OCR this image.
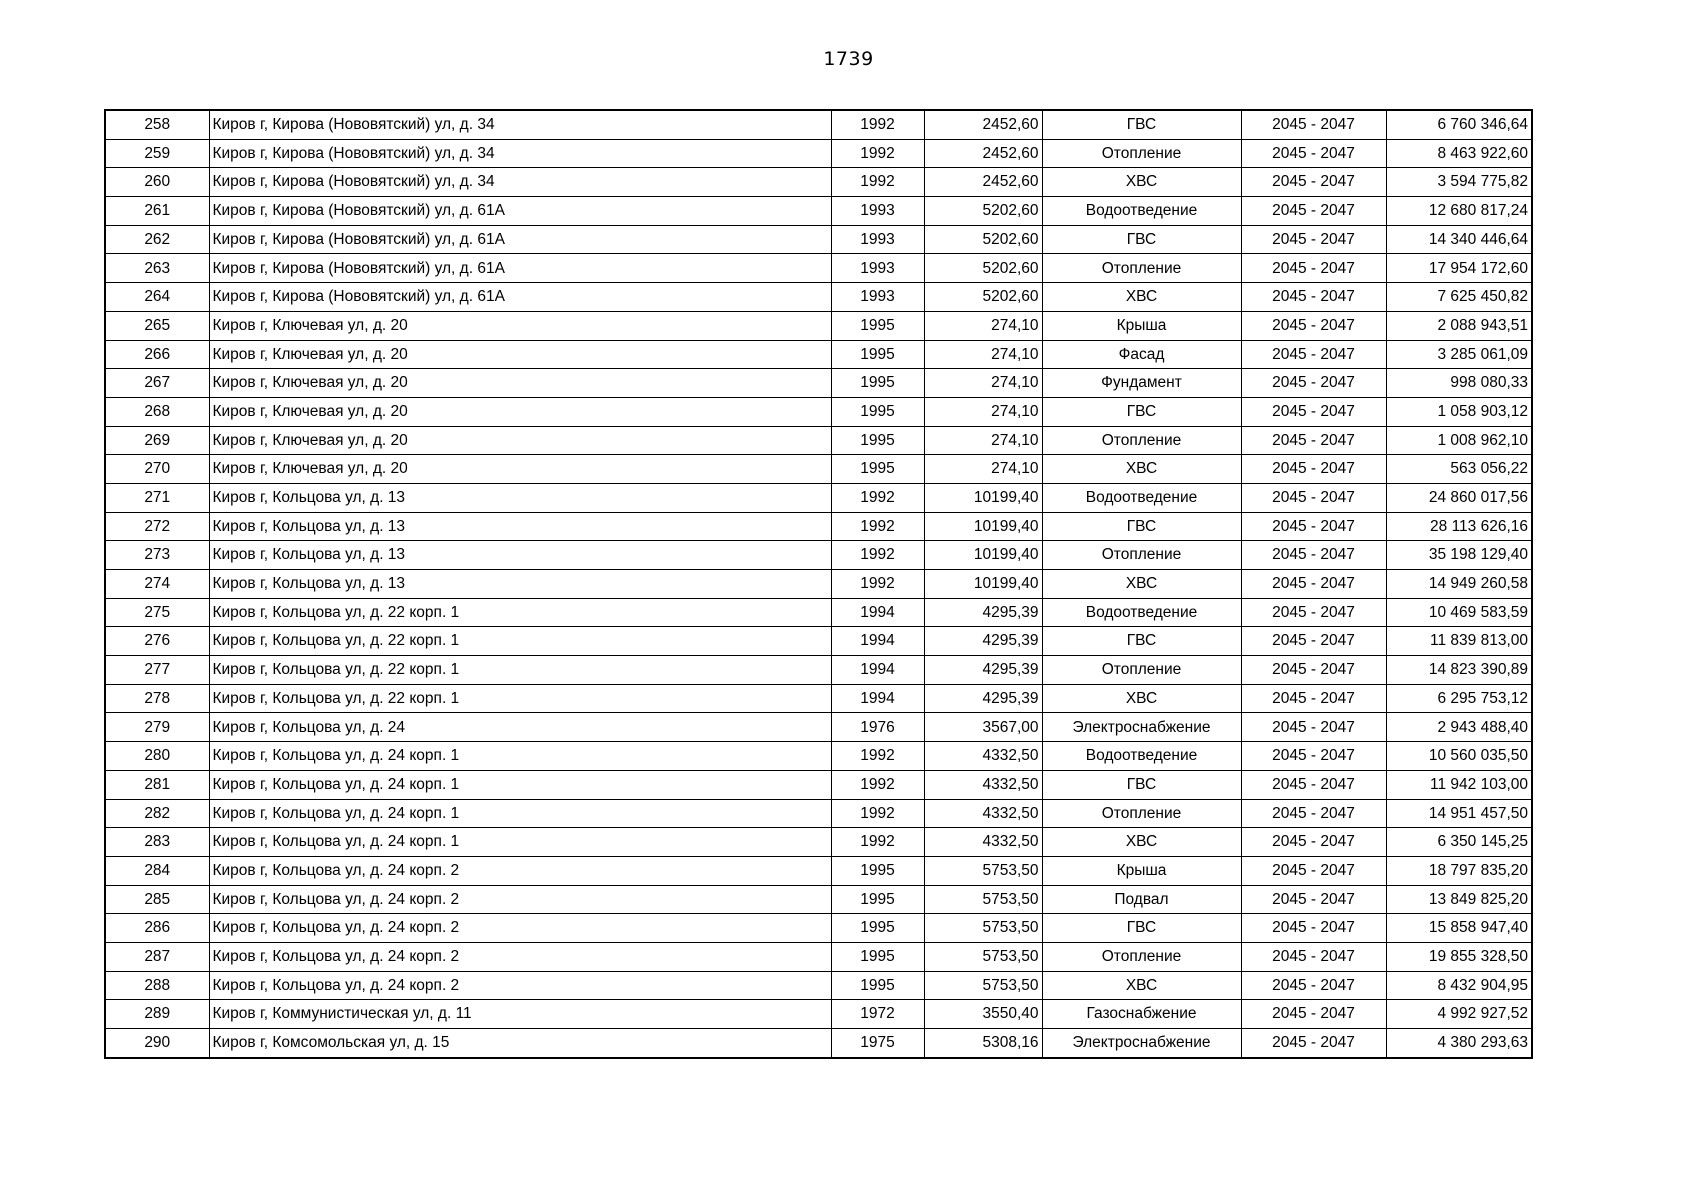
1739
258	Киров г, Кирова (Нововятский) ул, д. 34	1992	2452,60	ГВС	2045 - 2047	6 760 346,64
259	Киров г, Кирова (Нововятский) ул, д. 34	1992	2452,60	Отопление	2045 - 2047	8 463 922,60
260	Киров г, Кирова (Нововятский) ул, д. 34	1992	2452,60	ХВС	2045 - 2047	3 594 775,82
261	Киров г, Кирова (Нововятский) ул, д. 61А	1993	5202,60	Водоотведение	2045 - 2047	12 680 817,24
262	Киров г, Кирова (Нововятский) ул, д. 61А	1993	5202,60	ГВС	2045 - 2047	14 340 446,64
263	Киров г, Кирова (Нововятский) ул, д. 61А	1993	5202,60	Отопление	2045 - 2047	17 954 172,60
264	Киров г, Кирова (Нововятский) ул, д. 61А	1993	5202,60	ХВС	2045 - 2047	7 625 450,82
265	Киров г, Ключевая ул, д. 20	1995	274,10	Крыша	2045 - 2047	2 088 943,51
266	Киров г, Ключевая ул, д. 20	1995	274,10	Фасад	2045 - 2047	3 285 061,09
267	Киров г, Ключевая ул, д. 20	1995	274,10	Фундамент	2045 - 2047	998 080,33
268	Киров г, Ключевая ул, д. 20	1995	274,10	ГВС	2045 - 2047	1 058 903,12
269	Киров г, Ключевая ул, д. 20	1995	274,10	Отопление	2045 - 2047	1 008 962,10
270	Киров г, Ключевая ул, д. 20	1995	274,10	ХВС	2045 - 2047	563 056,22
271	Киров г, Кольцова ул, д. 13	1992	10199,40	Водоотведение	2045 - 2047	24 860 017,56
272	Киров г, Кольцова ул, д. 13	1992	10199,40	ГВС	2045 - 2047	28 113 626,16
273	Киров г, Кольцова ул, д. 13	1992	10199,40	Отопление	2045 - 2047	35 198 129,40
274	Киров г, Кольцова ул, д. 13	1992	10199,40	ХВС	2045 - 2047	14 949 260,58
275	Киров г, Кольцова ул, д. 22 корп. 1	1994	4295,39	Водоотведение	2045 - 2047	10 469 583,59
276	Киров г, Кольцова ул, д. 22 корп. 1	1994	4295,39	ГВС	2045 - 2047	11 839 813,00
277	Киров г, Кольцова ул, д. 22 корп. 1	1994	4295,39	Отопление	2045 - 2047	14 823 390,89
278	Киров г, Кольцова ул, д. 22 корп. 1	1994	4295,39	ХВС	2045 - 2047	6 295 753,12
279	Киров г, Кольцова ул, д. 24	1976	3567,00	Электроснабжение	2045 - 2047	2 943 488,40
280	Киров г, Кольцова ул, д. 24 корп. 1	1992	4332,50	Водоотведение	2045 - 2047	10 560 035,50
281	Киров г, Кольцова ул, д. 24 корп. 1	1992	4332,50	ГВС	2045 - 2047	11 942 103,00
282	Киров г, Кольцова ул, д. 24 корп. 1	1992	4332,50	Отопление	2045 - 2047	14 951 457,50
283	Киров г, Кольцова ул, д. 24 корп. 1	1992	4332,50	ХВС	2045 - 2047	6 350 145,25
284	Киров г, Кольцова ул, д. 24 корп. 2	1995	5753,50	Крыша	2045 - 2047	18 797 835,20
285	Киров г, Кольцова ул, д. 24 корп. 2	1995	5753,50	Подвал	2045 - 2047	13 849 825,20
286	Киров г, Кольцова ул, д. 24 корп. 2	1995	5753,50	ГВС	2045 - 2047	15 858 947,40
287	Киров г, Кольцова ул, д. 24 корп. 2	1995	5753,50	Отопление	2045 - 2047	19 855 328,50
288	Киров г, Кольцова ул, д. 24 корп. 2	1995	5753,50	ХВС	2045 - 2047	8 432 904,95
289	Киров г, Коммунистическая ул, д. 11	1972	3550,40	Газоснабжение	2045 - 2047	4 992 927,52
290	Киров г, Комсомольская ул, д. 15	1975	5308,16	Электроснабжение	2045 - 2047	4 380 293,63
